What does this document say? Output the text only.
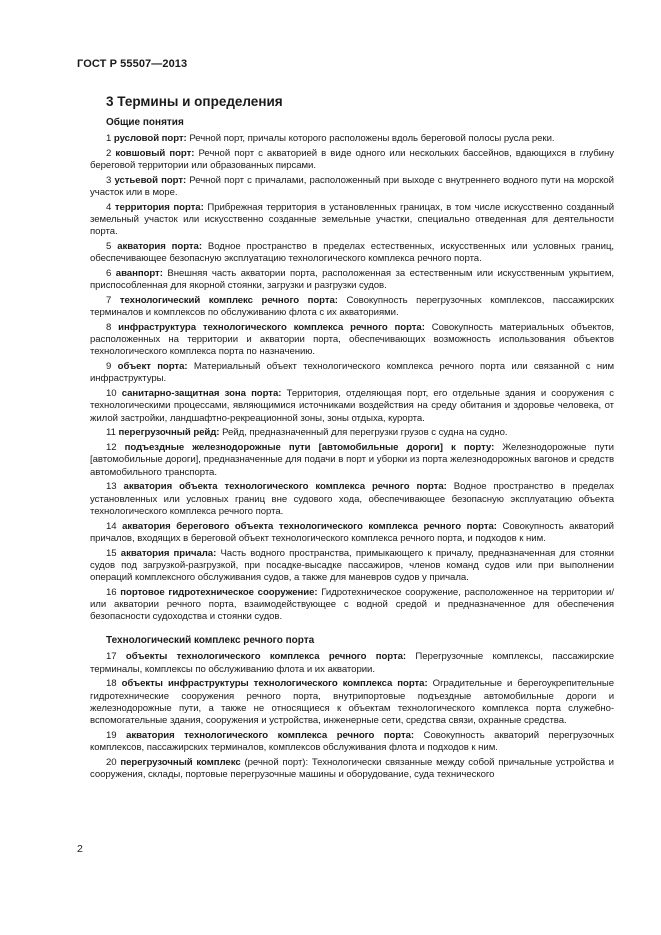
ГОСТ Р 55507—2013
3 Термины и определения
Общие понятия

1 русловой порт: Речной порт, причалы которого расположены вдоль береговой полосы русла реки.

2 ковшовый порт: Речной порт с акваторией в виде одного или нескольких бассейнов, вдающихся в глубину береговой территории или образованных пирсами.

3 устьевой порт: Речной порт с причалами, расположенный при выходе с внутреннего водного пути на морской участок или в море.

4 территория порта: Прибрежная территория в установленных границах, в том числе искусственно созданный земельный участок или искусственно созданные земельные участки, специально отведенная для деятельности порта.

5 акватория порта: Водное пространство в пределах естественных, искусственных или условных границ, обеспечивающее безопасную эксплуатацию технологического комплекса речного порта.

6 аванпорт: Внешняя часть акватории порта, расположенная за естественным или искусственным укрытием, приспособленная для якорной стоянки, загрузки и разгрузки судов.

7 технологический комплекс речного порта: Совокупность перегрузочных комплексов, пассажирских терминалов и комплексов по обслуживанию флота с их акваториями.

8 инфраструктура технологического комплекса речного порта: Совокупность материальных объектов, расположенных на территории и акватории порта, обеспечивающих возможность использования объектов технологического комплекса порта по назначению.

9 объект порта: Материальный объект технологического комплекса речного порта или связанной с ним инфраструктуры.

10 санитарно-защитная зона порта: Территория, отделяющая порт, его отдельные здания и сооружения с технологическими процессами, являющимися источниками воздействия на среду обитания и здоровье человека, от жилой застройки, ландшафтно-рекреационной зоны, зоны отдыха, курорта.

11 перегрузочный рейд: Рейд, предназначенный для перегрузки грузов с судна на судно.

12 подъездные железнодорожные пути [автомобильные дороги] к порту: Железнодорожные пути [автомобильные дороги], предназначенные для подачи в порт и уборки из порта железнодорожных вагонов и средств автомобильного транспорта.

13 акватория объекта технологического комплекса речного порта: Водное пространство в пределах установленных или условных границ вне судового хода, обеспечивающее безопасную эксплуатацию объекта технологического комплекса речного порта.

14 акватория берегового объекта технологического комплекса речного порта: Совокупность акваторий причалов, входящих в береговой объект технологического комплекса речного порта, и подходов к ним.

15 акватория причала: Часть водного пространства, примыкающего к причалу, предназначенная для стоянки судов под загрузкой-разгрузкой, при посадке-высадке пассажиров, членов команд судов или при выполнении операций комплексного обслуживания судов, а также для маневров судов у причала.

16 портовое гидротехническое сооружение: Гидротехническое сооружение, расположенное на территории и/или акватории речного порта, взаимодействующее с водной средой и предназначенное для обеспечения безопасности судоходства и стоянки судов.

Технологический комплекс речного порта

17 объекты технологического комплекса речного порта: Перегрузочные комплексы, пассажирские терминалы, комплексы по обслуживанию флота и их акватории.

18 объекты инфраструктуры технологического комплекса порта: Оградительные и берегоукрепительные гидротехнические сооружения речного порта, внутрипортовые подъездные автомобильные дороги и железнодорожные пути, а также не относящиеся к объектам технологического комплекса порта служебно-вспомогательные здания, сооружения и устройства, инженерные сети, средства связи, охранные средства.

19 акватория технологического комплекса речного порта: Совокупность акваторий перегрузочных комплексов, пассажирских терминалов, комплексов обслуживания флота и подходов к ним.

20 перегрузочный комплекс (речной порт): Технологически связанные между собой причальные устройства и сооружения, склады, портовые перегрузочные машины и оборудование, суда технического

2
